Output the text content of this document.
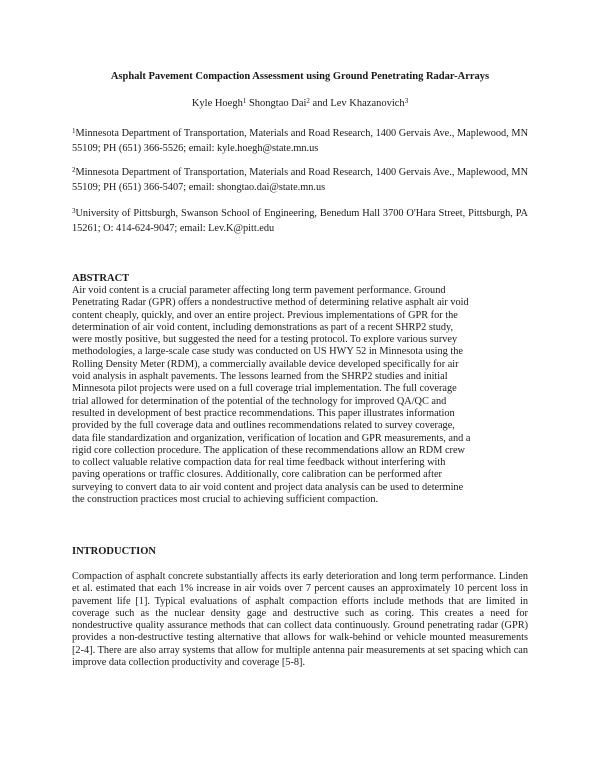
Asphalt Pavement Compaction Assessment using Ground Penetrating Radar-Arrays
Kyle Hoegh$^1$ Shongtao Dai$^2$ and Lev Khazanovich$^3$
$^1$Minnesota Department of Transportation, Materials and Road Research, 1400 Gervais Ave., Maplewood, MN 55109; PH (651) 366-5526; email: kyle.hoegh@state.mn.us
$^2$Minnesota Department of Transportation, Materials and Road Research, 1400 Gervais Ave., Maplewood, MN 55109; PH (651) 366-5407; email: shongtao.dai@state.mn.us
$^3$University of Pittsburgh, Swanson School of Engineering, Benedum Hall 3700 O'Hara Street, Pittsburgh, PA 15261; O: 414-624-9047; email: Lev.K@pitt.edu
ABSTRACT
Air void content is a crucial parameter affecting long term pavement performance. Ground
Penetrating Radar (GPR) offers a nondestructive method of determining relative asphalt air void
content cheaply, quickly, and over an entire project. Previous implementations of GPR for the
determination of air void content, including demonstrations as part of a recent SHRP2 study,
were mostly positive, but suggested the need for a testing protocol. To explore various survey
methodologies, a large-scale case study was conducted on US HWY 52 in Minnesota using the
Rolling Density Meter (RDM), a commercially available device developed specifically for air
void analysis in asphalt pavements. The lessons learned from the SHRP2 studies and initial
Minnesota pilot projects were used on a full coverage trial implementation. The full coverage
trial allowed for determination of the potential of the technology for improved QA/QC and
resulted in development of best practice recommendations. This paper illustrates information
provided by the full coverage data and outlines recommendations related to survey coverage,
data file standardization and organization, verification of location and GPR measurements, and a
rigid core collection procedure. The application of these recommendations allow an RDM crew
to collect valuable relative compaction data for real time feedback without interfering with
paving operations or traffic closures. Additionally, core calibration can be performed after
surveying to convert data to air void content and project data analysis can be used to determine
the construction practices most crucial to achieving sufficient compaction.
INTRODUCTION
Compaction of asphalt concrete substantially affects its early deterioration and long term performance. Linden et al. estimated that each 1% increase in air voids over 7 percent causes an approximately 10 percent loss in pavement life [1]. Typical evaluations of asphalt compaction efforts include methods that are limited in coverage such as the nuclear density gage and destructive such as coring. This creates a need for nondestructive quality assurance methods that can collect data continuously. Ground penetrating radar (GPR) provides a non-destructive testing alternative that allows for walk-behind or vehicle mounted measurements [2-4]. There are also array systems that allow for multiple antenna pair measurements at set spacing which can improve data collection productivity and coverage [5-8].
